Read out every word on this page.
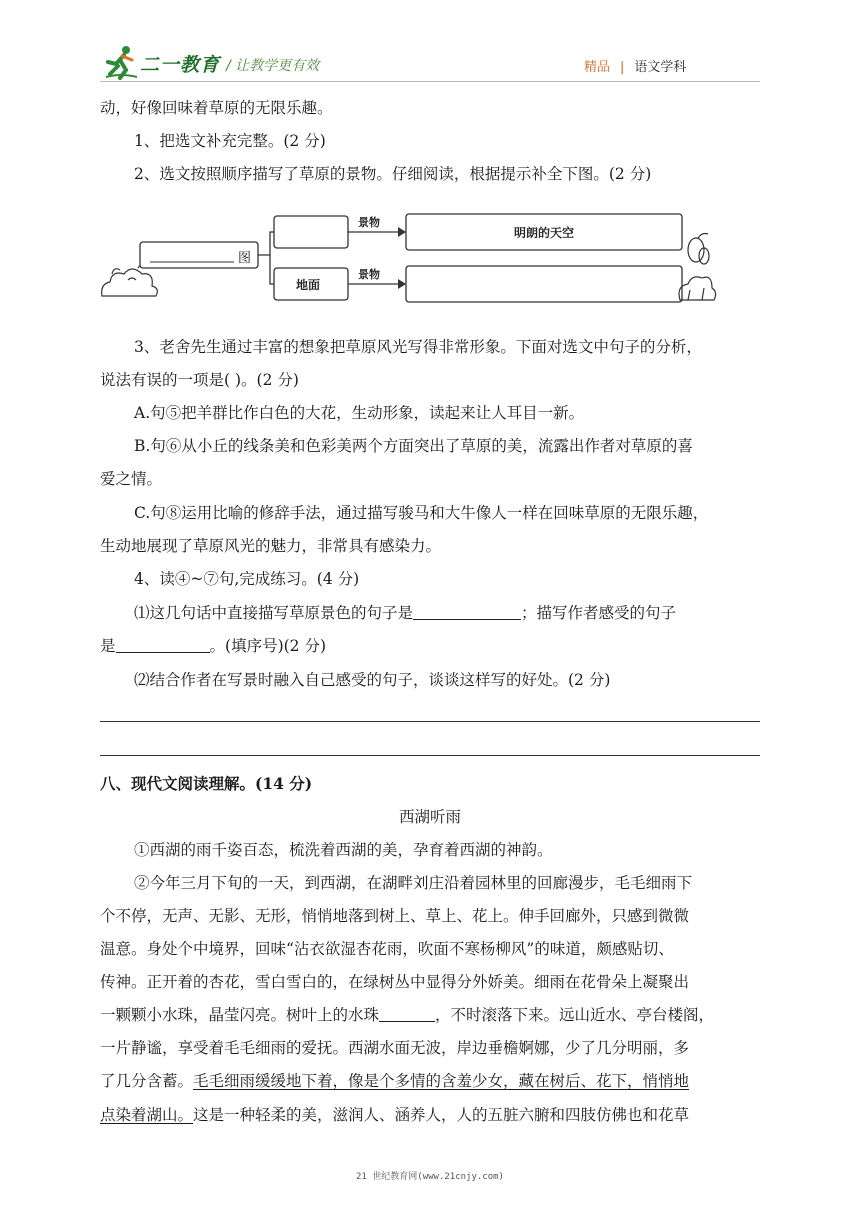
二一教育 / 让教学更有效	精品 | 语文学科
动，好像回味着草原的无限乐趣。
1、把选文补充完整。(2 分)
2、选文按照顺序描写了草原的景物。仔细阅读，根据提示补全下图。(2 分)
图
地面
景物
景物
明朗的天空
3、老舍先生通过丰富的想象把草原风光写得非常形象。下面对选文中句子的分析，
说法有误的一项是( )。(2 分)
A.句⑤把羊群比作白色的大花，生动形象，读起来让人耳目一新。
B.句⑥从小丘的线条美和色彩美两个方面突出了草原的美，流露出作者对草原的喜
爱之情。
C.句⑧运用比喻的修辞手法，通过描写骏马和大牛像人一样在回味草原的无限乐趣，
生动地展现了草原风光的魅力，非常具有感染力。
4、读④~⑦句,完成练习。(4 分)
⑴这几句话中直接描写草原景色的句子是	；描写作者感受的句子
是	。(填序号)(2 分)
⑵结合作者在写景时融入自己感受的句子，谈谈这样写的好处。(2 分)
八、现代文阅读理解。(14 分)
西湖听雨
①西湖的雨千姿百态，梳洗着西湖的美，孕育着西湖的神韵。
②今年三月下旬的一天，到西湖，在湖畔刘庄沿着园林里的回廊漫步，毛毛细雨下
个不停，无声、无影、无形，悄悄地落到树上、草上、花上。伸手回廊外，只感到微微
温意。身处个中境界，回味“沾衣欲湿杏花雨，吹面不寒杨柳风”的味道，颇感贴切、
传神。正开着的杏花，雪白雪白的，在绿树丛中显得分外娇美。细雨在花骨朵上凝聚出
一颗颗小水珠，晶莹闪亮。树叶上的水珠	，不时滚落下来。远山近水、亭台楼阁，
一片静谧，享受着毛毛细雨的爱抚。西湖水面无波，岸边垂檐婀娜，少了几分明丽，多
了几分含蓄。毛毛细雨缓缓地下着，像是个多情的含羞少女，藏在树后、花下，悄悄地
点染着湖山。这是一种轻柔的美，滋润人、涵养人，人的五脏六腑和四肢仿佛也和花草
21 世纪教育网(www.21cnjy.com)
